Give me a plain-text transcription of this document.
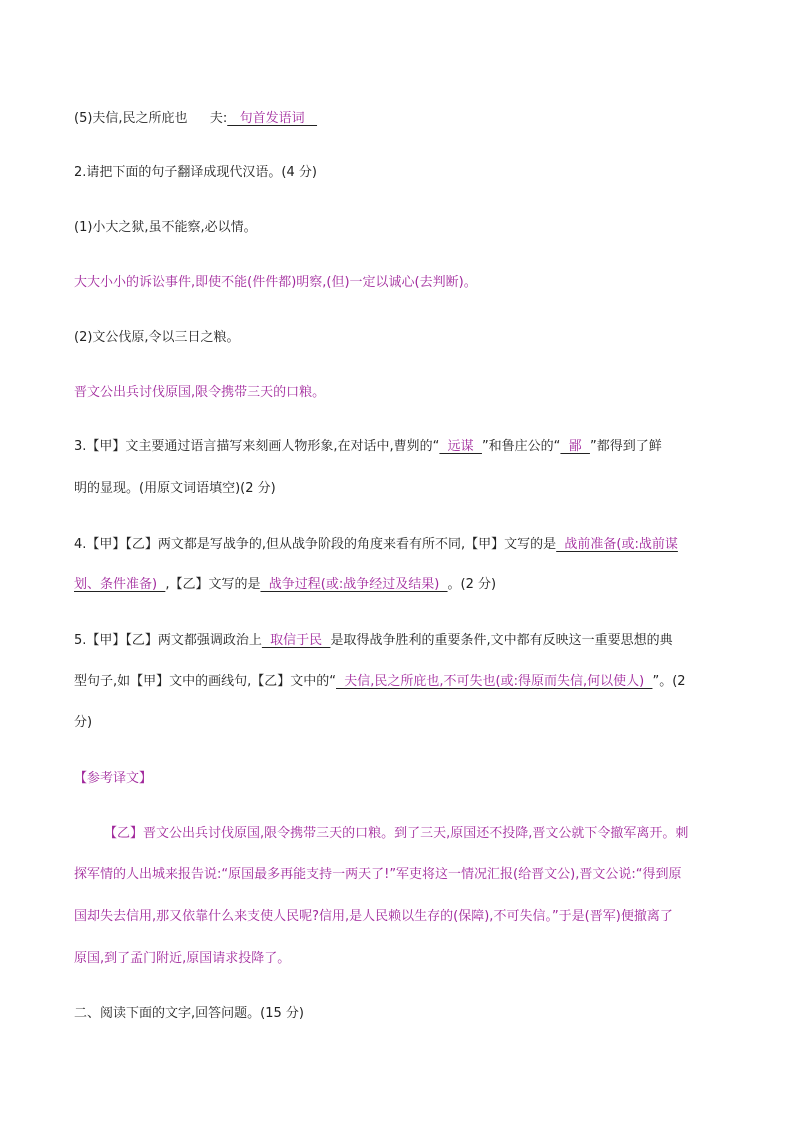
(5)夫信,民之所庇也 夫:   句首发语词
2.请把下面的句子翻译成现代汉语。(4 分)
(1)小大之狱,虽不能察,必以情。
大大小小的诉讼事件,即使不能(件件都)明察,(但)一定以诚心(去判断)。
(2)文公伐原,令以三日之粮。
晋文公出兵讨伐原国,限令携带三天的口粮。
3.【甲】文主要通过语言描写来刻画人物形象,在对话中,曹刿的“  远谋  ”和鲁庄公的“  鄙  ”都得到了鲜
明的显现。(用原文词语填空)(2 分)
4.【甲】【乙】两文都是写战争的,但从战争阶段的角度来看有所不同,【甲】文写的是  战前准备(或:战前谋
划、条件准备)  ,【乙】文写的是  战争过程(或:战争经过及结果)  。(2 分)
5.【甲】【乙】两文都强调政治上  取信于民  是取得战争胜利的重要条件,文中都有反映这一重要思想的典
型句子,如【甲】文中的画线句,【乙】文中的“  夫信,民之所庇也,不可失也(或:得原而失信,何以使人)  ”。(2
分)
【参考译文】
【乙】晋文公出兵讨伐原国,限令携带三天的口粮。到了三天,原国还不投降,晋文公就下令撤军离开。刺
探军情的人出城来报告说:“原国最多再能支持一两天了!”军吏将这一情况汇报(给晋文公),晋文公说:“得到原
国却失去信用,那又依靠什么来支使人民呢?信用,是人民赖以生存的(保障),不可失信。”于是(晋军)便撤离了
原国,到了孟门附近,原国请求投降了。
二、阅读下面的文字,回答问题。(15 分)
